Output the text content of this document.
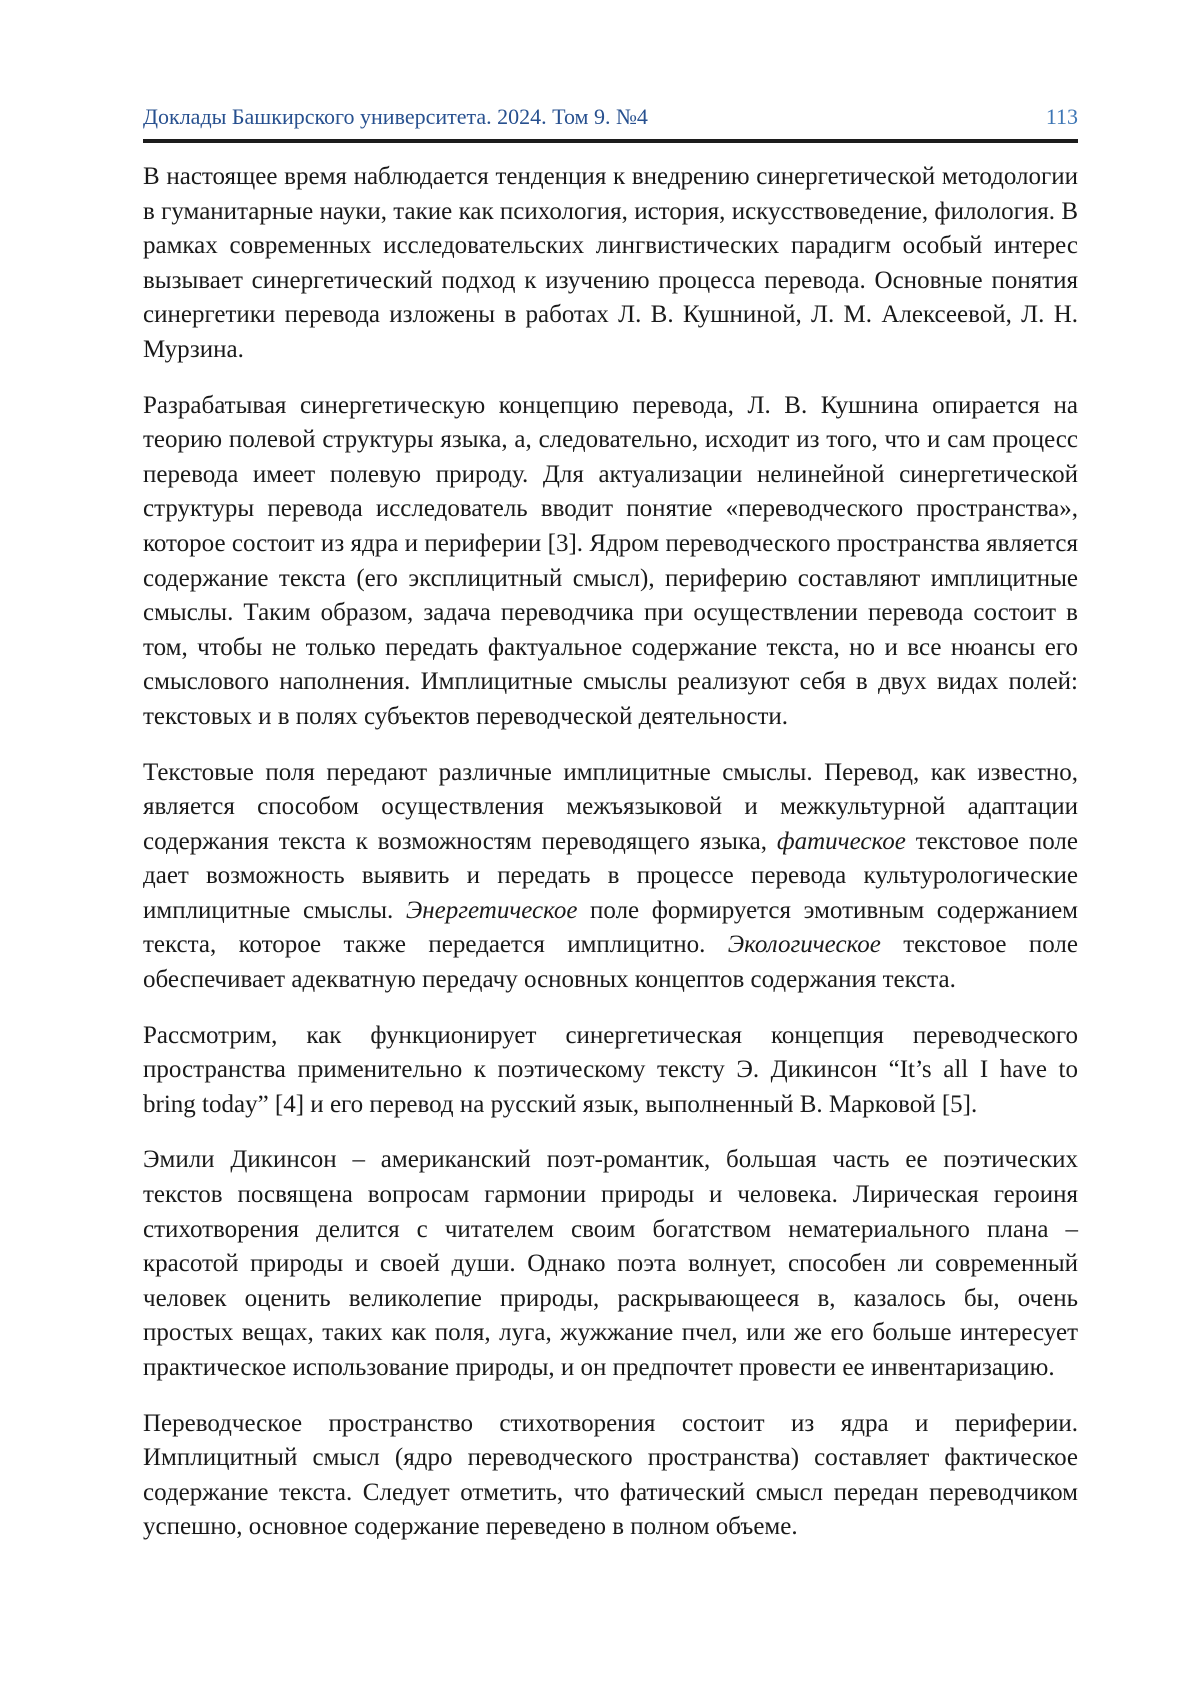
Доклады Башкирского университета. 2024. Том 9. №4	113

В настоящее время наблюдается тенденция к внедрению синергетической методологии в гуманитарные науки, такие как психология, история, искусствоведение, филология. В рамках современных исследовательских лингвистических парадигм особый интерес вызывает синергетический подход к изучению процесса перевода. Основные понятия синергетики перевода изложены в работах Л. В. Кушниной, Л. М. Алексеевой, Л. Н. Мурзина.

Разрабатывая синергетическую концепцию перевода, Л. В. Кушнина опирается на теорию полевой структуры языка, а, следовательно, исходит из того, что и сам процесс перевода имеет полевую природу. Для актуализации нелинейной синергетической структуры перевода исследователь вводит понятие «переводческого пространства», которое состоит из ядра и периферии [3]. Ядром переводческого пространства является содержание текста (его эксплицитный смысл), периферию составляют имплицитные смыслы. Таким образом, задача переводчика при осуществлении перевода состоит в том, чтобы не только передать фактуальное содержание текста, но и все нюансы его смыслового наполнения. Имплицитные смыслы реализуют себя в двух видах полей: текстовых и в полях субъектов переводческой деятельности.

Текстовые поля передают различные имплицитные смыслы. Перевод, как известно, является способом осуществления межъязыковой и межкультурной адаптации содержания текста к возможностям переводящего языка, фатическое текстовое поле дает возможность выявить и передать в процессе перевода культурологические имплицитные смыслы. Энергетическое поле формируется эмотивным содержанием текста, которое также передается имплицитно. Экологическое текстовое поле обеспечивает адекватную передачу основных концептов содержания текста.

Рассмотрим, как функционирует синергетическая концепция переводческого пространства применительно к поэтическому тексту Э. Дикинсон “It’s all I have to bring today” [4] и его перевод на русский язык, выполненный В. Марковой [5].

Эмили Дикинсон – американский поэт-романтик, большая часть ее поэтических текстов посвящена вопросам гармонии природы и человека. Лирическая героиня стихотворения делится с читателем своим богатством нематериального плана – красотой природы и своей души. Однако поэта волнует, способен ли современный человек оценить великолепие природы, раскрывающееся в, казалось бы, очень простых вещах, таких как поля, луга, жужжание пчел, или же его больше интересует практическое использование природы, и он предпочтет провести ее инвентаризацию.

Переводческое пространство стихотворения состоит из ядра и периферии. Имплицитный смысл (ядро переводческого пространства) составляет фактическое содержание текста. Следует отметить, что фатический смысл передан переводчиком успешно, основное содержание переведено в полном объеме.
